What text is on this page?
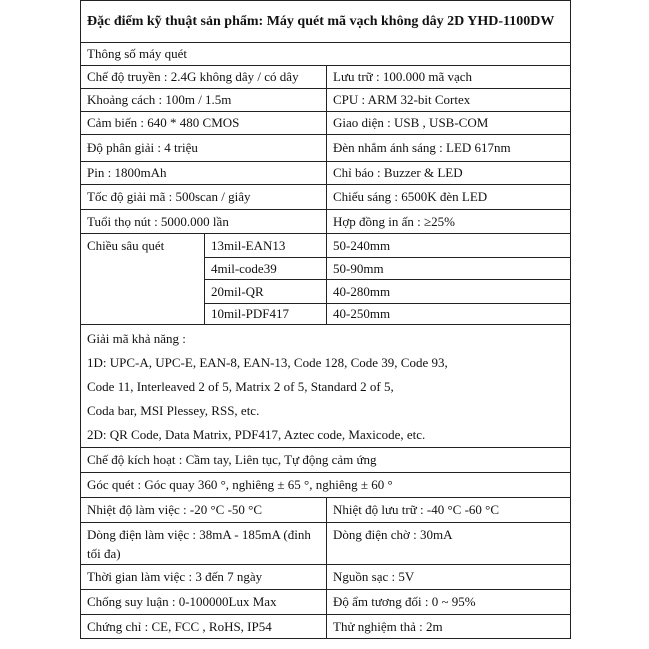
Đặc điểm kỹ thuật sản phẩm: Máy quét mã vạch không dây 2D YHD-1100DW		
Thông số máy quét		
Chế độ truyền : 2.4G không dây / có dây		Lưu trữ : 100.000 mã vạch
Khoảng cách : 100m / 1.5m		CPU : ARM 32-bit Cortex
Cảm biến : 640 * 480 CMOS		Giao diện : USB , USB-COM
Độ phân giải : 4 triệu		Đèn nhắm ánh sáng : LED 617nm
Pin : 1800mAh		Chỉ báo : Buzzer & LED
Tốc độ giải mã : 500scan / giây		Chiếu sáng : 6500K đèn LED
Tuổi thọ nút : 5000.000 lần		Hợp đồng in ấn : ≥25%
Chiều sâu quét	13mil-EAN13	50-240mm
	4mil-code39	50-90mm
	20mil-QR	40-280mm
	10mil-PDF417	40-250mm

Giải mã khả năng :
1D: UPC-A, UPC-E, EAN-8, EAN-13, Code 128, Code 39, Code 93,
Code 11, Interleaved 2 of 5, Matrix 2 of 5, Standard 2 of 5,
Coda bar, MSI Plessey, RSS, etc.
2D: QR Code, Data Matrix, PDF417, Aztec code, Maxicode, etc.		

Chế độ kích hoạt : Cầm tay, Liên tục, Tự động cảm ứng		
Góc quét : Góc quay 360 °, nghiêng ± 65 °, nghiêng ± 60 °		
Nhiệt độ làm việc : -20 °C -50 °C		Nhiệt độ lưu trữ : -40 °C -60 °C
Dòng điện làm việc : 38mA - 185mA (đỉnh tối đa)		Dòng điện chờ : 30mA
Thời gian làm việc : 3 đến 7 ngày		Nguồn sạc : 5V
Chống suy luận : 0-100000Lux Max		Độ ẩm tương đối : 0 ~ 95%
Chứng chỉ : CE, FCC , RoHS, IP54		Thử nghiệm thả : 2m
